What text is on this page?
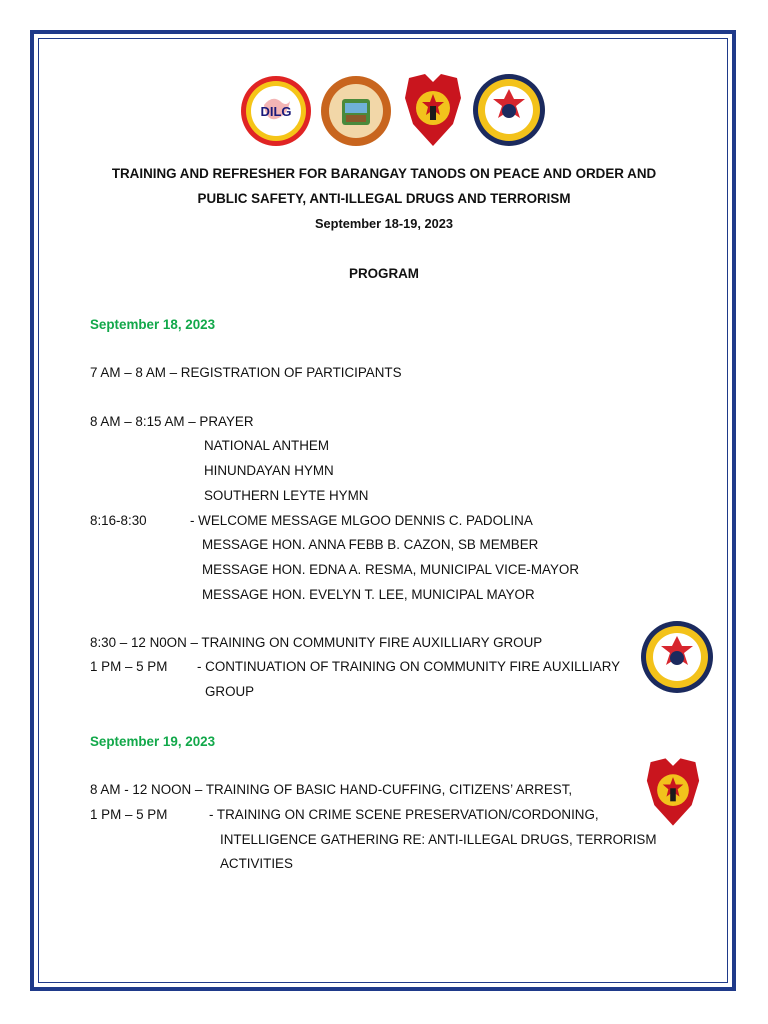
DILG
TRAINING AND REFRESHER FOR BARANGAY TANODS ON PEACE AND ORDER AND
PUBLIC SAFETY, ANTI-ILLEGAL DRUGS AND TERRORISM
September 18-19, 2023
PROGRAM
September 18, 2023
7 AM – 8 AM – REGISTRATION OF PARTICIPANTS
8 AM – 8:15 AM – PRAYER
NATIONAL ANTHEM
HINUNDAYAN HYMN
SOUTHERN LEYTE HYMN
8:16-8:30	- WELCOME MESSAGE MLGOO DENNIS C. PADOLINA
MESSAGE HON. ANNA FEBB B. CAZON, SB MEMBER
MESSAGE HON. EDNA A. RESMA, MUNICIPAL VICE-MAYOR
MESSAGE HON. EVELYN T. LEE, MUNICIPAL MAYOR
8:30 – 12 N0ON – TRAINING ON COMMUNITY FIRE AUXILLIARY GROUP
1 PM – 5 PM - CONTINUATION OF TRAINING ON COMMUNITY FIRE AUXILLIARY
GROUP
September 19, 2023
8 AM - 12 NOON – TRAINING OF BASIC HAND-CUFFING, CITIZENS’ ARREST,
1 PM – 5 PM	- TRAINING ON CRIME SCENE PRESERVATION/CORDONING,
INTELLIGENCE GATHERING RE: ANTI-ILLEGAL DRUGS, TERRORISM
ACTIVITIES
